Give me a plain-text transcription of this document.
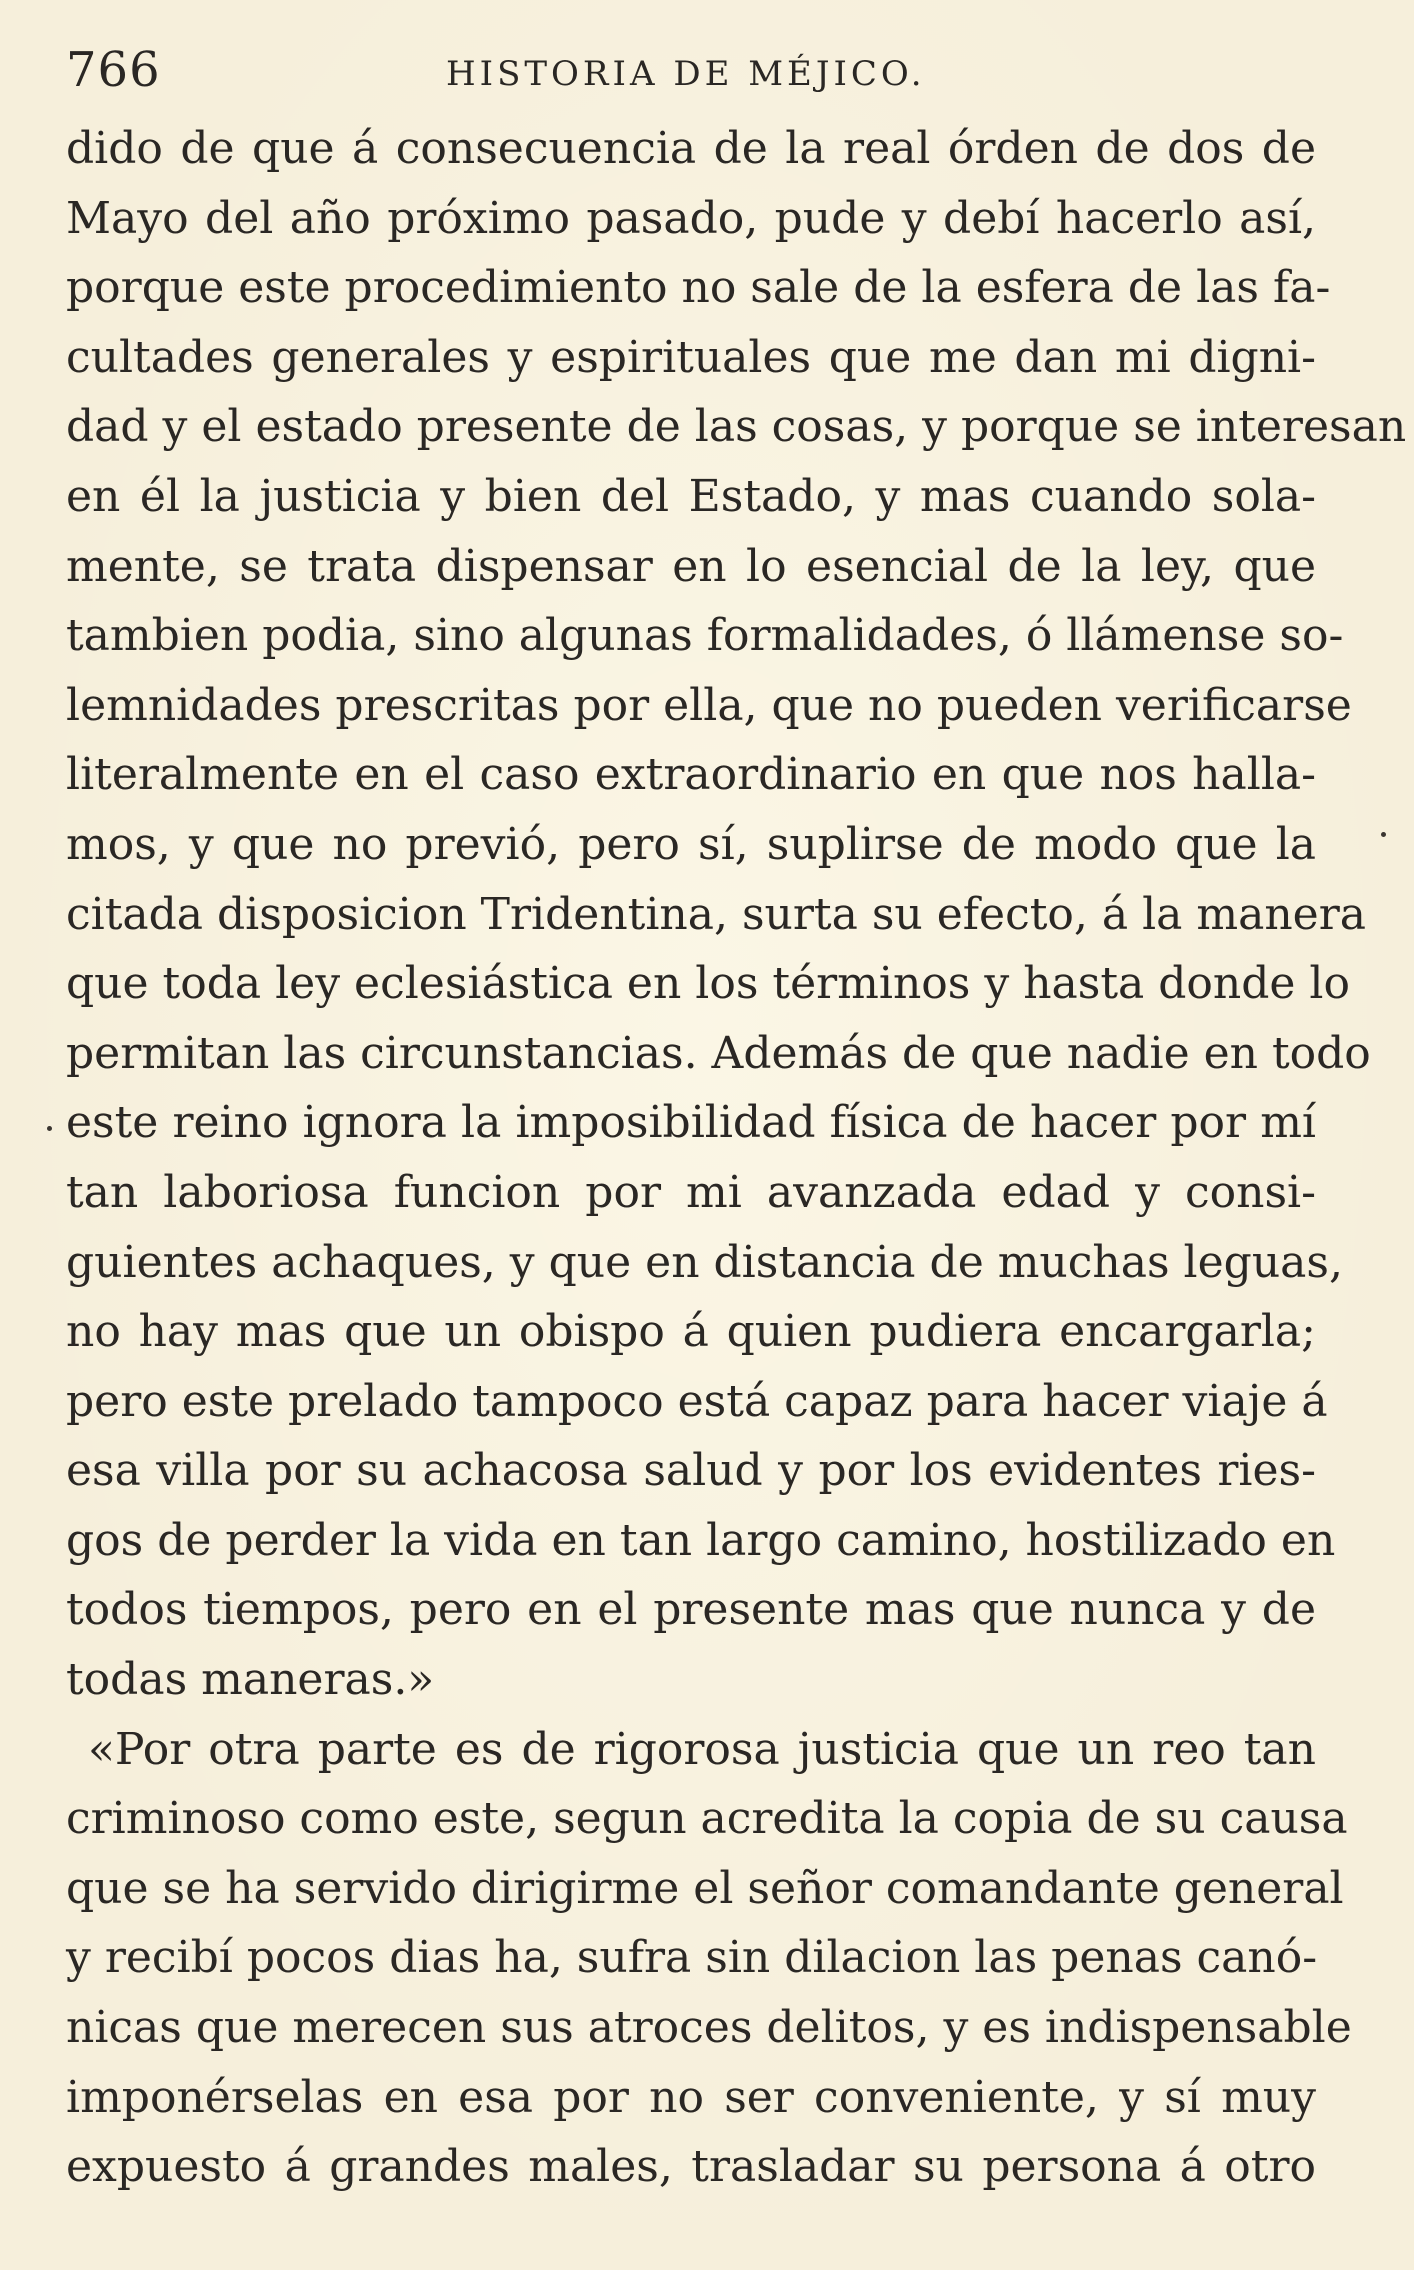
766	HISTORIA DE MÉJICO.
dido de que á consecuencia de la real órden de dos de
Mayo del año próximo pasado, pude y debí hacerlo así,
porque este procedimiento no sale de la esfera de las fa-
cultades generales y espirituales que me dan mi digni-
dad y el estado presente de las cosas, y porque se interesan
en él la justicia y bien del Estado, y mas cuando sola-
mente, se trata dispensar en lo esencial de la ley, que
tambien podia, sino algunas formalidades, ó llámense so-
lemnidades prescritas por ella, que no pueden verificarse
literalmente en el caso extraordinario en que nos halla-
mos, y que no previó, pero sí, suplirse de modo que la
citada disposicion Tridentina, surta su efecto, á la manera
que toda ley eclesiástica en los términos y hasta donde lo
permitan las circunstancias. Además de que nadie en todo
este reino ignora la imposibilidad física de hacer por mí
tan laboriosa funcion por mi avanzada edad y consi-
guientes achaques, y que en distancia de muchas leguas,
no hay mas que un obispo á quien pudiera encargarla;
pero este prelado tampoco está capaz para hacer viaje á
esa villa por su achacosa salud y por los evidentes ries-
gos de perder la vida en tan largo camino, hostilizado en
todos tiempos, pero en el presente mas que nunca y de
todas maneras.»
«Por otra parte es de rigorosa justicia que un reo tan
criminoso como este, segun acredita la copia de su causa
que se ha servido dirigirme el señor comandante general
y recibí pocos dias ha, sufra sin dilacion las penas canó-
nicas que merecen sus atroces delitos, y es indispensable
imponérselas en esa por no ser conveniente, y sí muy
expuesto á grandes males, trasladar su persona á otro
